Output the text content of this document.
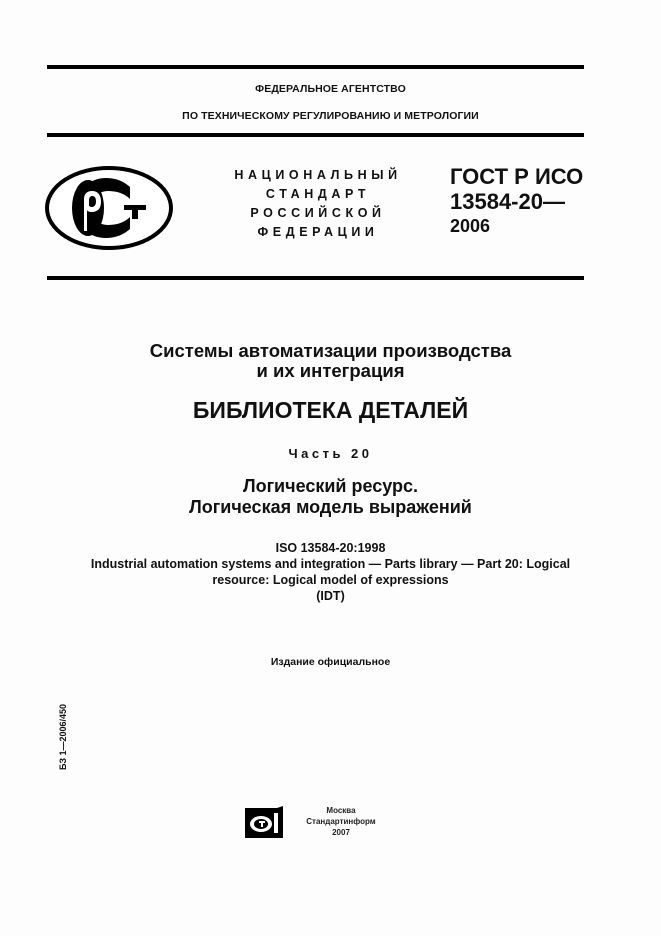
ФЕДЕРАЛЬНОЕ АГЕНТСТВО
ПО ТЕХНИЧЕСКОМУ РЕГУЛИРОВАНИЮ И МЕТРОЛОГИИ
НАЦИОНАЛЬНЫЙ
СТАНДАРТ
РОССИЙСКОЙ
ФЕДЕРАЦИИ
ГОСТ Р ИСО
13584-20—
2006
Системы автоматизации производства
и их интеграция
БИБЛИОТЕКА ДЕТАЛЕЙ
Часть 20
Логический ресурс.
Логическая модель выражений
ISO 13584-20:1998
Industrial automation systems and integration — Parts library — Part 20: Logical
resource: Logical model of expressions
(IDT)
Издание официальное
БЗ 1—2006/450
Москва
Стандартинформ
2007
